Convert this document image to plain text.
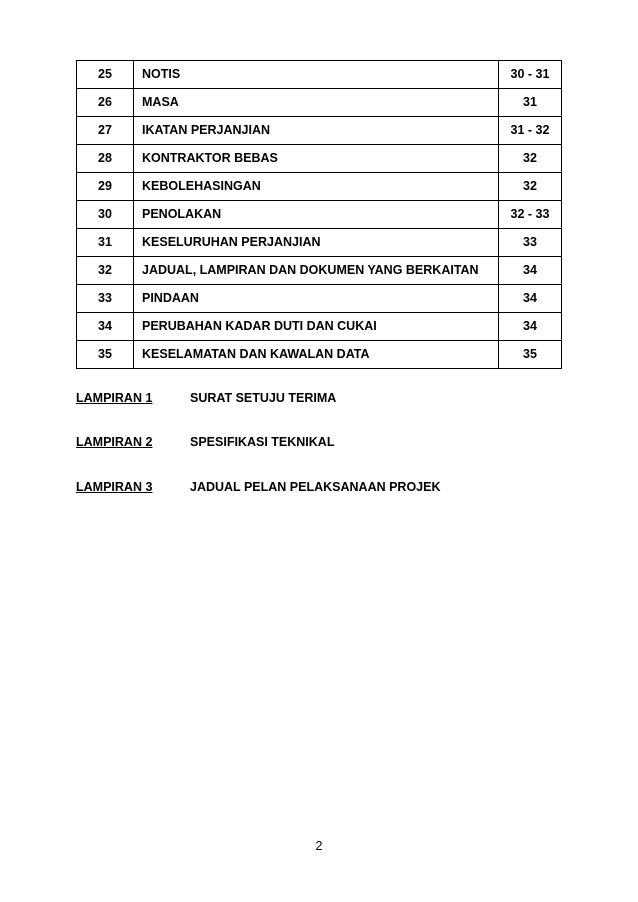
25	NOTIS	30 - 31
26	MASA	31
27	IKATAN PERJANJIAN	31 - 32
28	KONTRAKTOR BEBAS	32
29	KEBOLEHASINGAN	32
30	PENOLAKAN	32 - 33
31	KESELURUHAN PERJANJIAN	33
32	JADUAL, LAMPIRAN DAN DOKUMEN YANG BERKAITAN	34
33	PINDAAN	34
34	PERUBAHAN KADAR DUTI DAN CUKAI	34
35	KESELAMATAN DAN KAWALAN DATA	35
LAMPIRAN 1	SURAT SETUJU TERIMA
LAMPIRAN 2	SPESIFIKASI TEKNIKAL
LAMPIRAN 3	JADUAL PELAN PELAKSANAAN PROJEK
2
